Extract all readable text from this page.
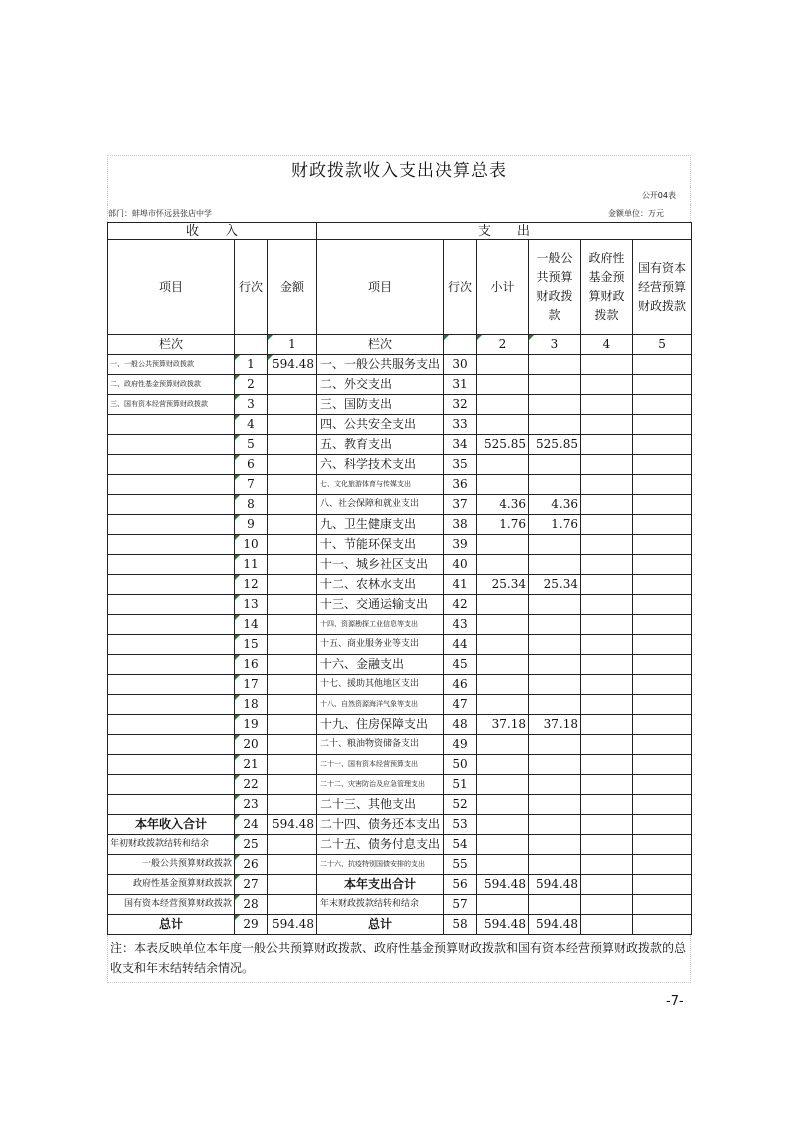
财政拨款收入支出决算总表
公开04表
部门：蚌埠市怀远县张店中学	金额单位：万元
收　　入			支　　出					
项目	行次	金额	项目	行次	小计	一般公共预算财政拨款	政府性基金预算财政拨款	国有资本经营预算财政拨款
栏次		1	栏次		2	3	4	5
一、一般公共预算财政拨款	1	594.48	一、一般公共服务支出	30				
二、政府性基金预算财政拨款	2		二、外交支出	31				
三、国有资本经营预算财政拨款	3		三、国防支出	32				
	4		四、公共安全支出	33				
	5		五、教育支出	34	525.85	525.85		
	6		六、科学技术支出	35				
	7		七、文化旅游体育与传媒支出	36				
	8		八、社会保障和就业支出	37	4.36	4.36		
	9		九、卫生健康支出	38	1.76	1.76		
	10		十、节能环保支出	39				
	11		十一、城乡社区支出	40				
	12		十二、农林水支出	41	25.34	25.34		
	13		十三、交通运输支出	42				
	14		十四、资源勘探工业信息等支出	43				
	15		十五、商业服务业等支出	44				
	16		十六、金融支出	45				
	17		十七、援助其他地区支出	46				
	18		十八、自然资源海洋气象等支出	47				
	19		十九、住房保障支出	48	37.18	37.18		
	20		二十、粮油物资储备支出	49				
	21		二十一、国有资本经营预算支出	50				
	22		二十二、灾害防治及应急管理支出	51				
	23		二十三、其他支出	52				
本年收入合计	24	594.48	二十四、债务还本支出	53				
年初财政拨款结转和结余	25		二十五、债务付息支出	54				
一般公共预算财政拨款	26		二十六、抗疫特别国债安排的支出	55				
政府性基金预算财政拨款	27		本年支出合计	56	594.48	594.48		
国有资本经营预算财政拨款	28		年末财政拨款结转和结余	57				
总计	29	594.48	总计	58	594.48	594.48		
注：本表反映单位本年度一般公共预算财政拨款、政府性基金预算财政拨款和国有资本经营预算财政拨款的总收支和年末结转结余情况。
-7-
